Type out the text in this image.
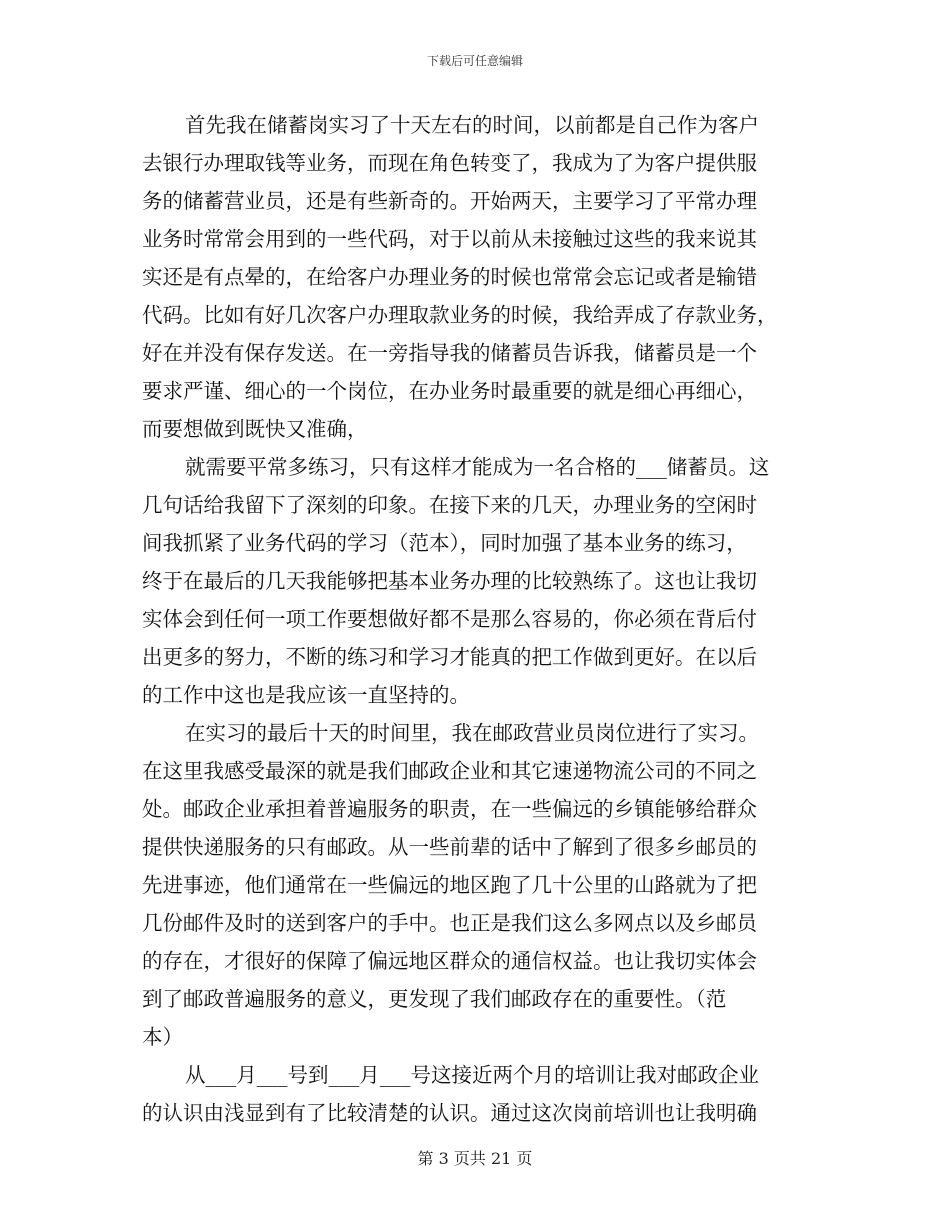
下载后可任意编辑
首先我在储蓄岗实习了十天左右的时间，以前都是自己作为客户
去银行办理取钱等业务，而现在角色转变了，我成为了为客户提供服
务的储蓄营业员，还是有些新奇的。开始两天，主要学习了平常办理
业务时常常会用到的一些代码，对于以前从未接触过这些的我来说其
实还是有点晕的，在给客户办理业务的时候也常常会忘记或者是输错
代码。比如有好几次客户办理取款业务的时候，我给弄成了存款业务，
好在并没有保存发送。在一旁指导我的储蓄员告诉我，储蓄员是一个
要求严谨、细心的一个岗位，在办业务时最重要的就是细心再细心，
而要想做到既快又准确，
就需要平常多练习，只有这样才能成为一名合格的___储蓄员。这
几句话给我留下了深刻的印象。在接下来的几天，办理业务的空闲时
间我抓紧了业务代码的学习（范本），同时加强了基本业务的练习，
终于在最后的几天我能够把基本业务办理的比较熟练了。这也让我切
实体会到任何一项工作要想做好都不是那么容易的，你必须在背后付
出更多的努力，不断的练习和学习才能真的把工作做到更好。在以后
的工作中这也是我应该一直坚持的。
在实习的最后十天的时间里，我在邮政营业员岗位进行了实习。
在这里我感受最深的就是我们邮政企业和其它速递物流公司的不同之
处。邮政企业承担着普遍服务的职责，在一些偏远的乡镇能够给群众
提供快递服务的只有邮政。从一些前辈的话中了解到了很多乡邮员的
先进事迹，他们通常在一些偏远的地区跑了几十公里的山路就为了把
几份邮件及时的送到客户的手中。也正是我们这么多网点以及乡邮员
的存在，才很好的保障了偏远地区群众的通信权益。也让我切实体会
到了邮政普遍服务的意义，更发现了我们邮政存在的重要性。（范
本）
从___月___号到___月___号这接近两个月的培训让我对邮政企业
的认识由浅显到有了比较清楚的认识。通过这次岗前培训也让我明确
第 3 页共 21 页
